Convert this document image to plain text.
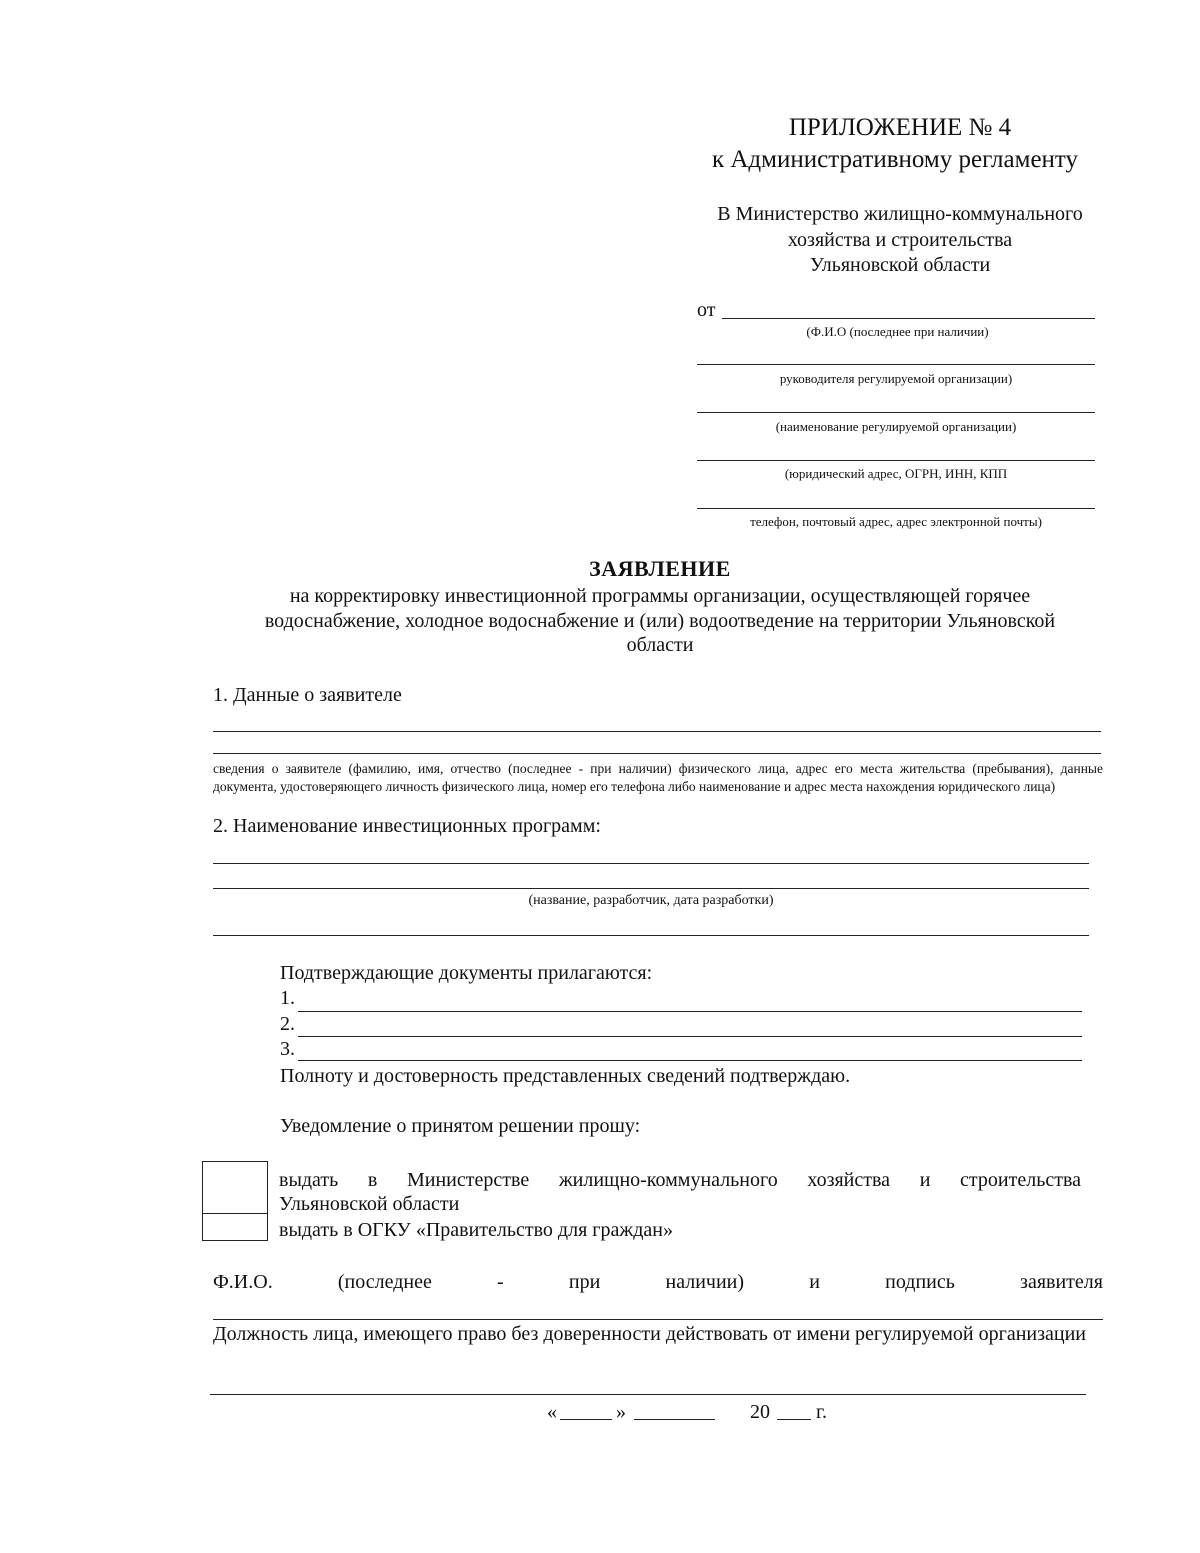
ПРИЛОЖЕНИЕ № 4
к Административному регламенту
В Министерство жилищно-коммунального
хозяйства и строительства
Ульяновской области
от
(Ф.И.О (последнее при наличии)
руководителя регулируемой организации)
(наименование регулируемой организации)
(юридический адрес, ОГРН, ИНН, КПП
телефон, почтовый адрес, адрес электронной почты)
ЗАЯВЛЕНИЕ
на корректировку инвестиционной программы организации, осуществляющей горячее
водоснабжение, холодное водоснабжение и (или) водоотведение на территории Ульяновской
области
1. Данные о заявителе
сведения о заявителе (фамилию, имя, отчество (последнее - при наличии) физического лица, адрес его места жительства (пребывания), данные документа, удостоверяющего личность физического лица, номер его телефона либо наименование и адрес места нахождения юридического лица)
2. Наименование инвестиционных программ:
(название, разработчик, дата разработки)
Подтверждающие документы прилагаются:
1.
2.
3.
Полноту и достоверность представленных сведений подтверждаю.
Уведомление о принятом решении прошу:
выдать в Министерстве жилищно-коммунального хозяйства и строительства
Ульяновской области
выдать в ОГКУ «Правительство для граждан»
Ф.И.О.	(последнее	-	при	наличии)	и	подпись	заявителя
Должность лица, имеющего право без доверенности действовать от имени регулируемой организации
«	»	20 г.
